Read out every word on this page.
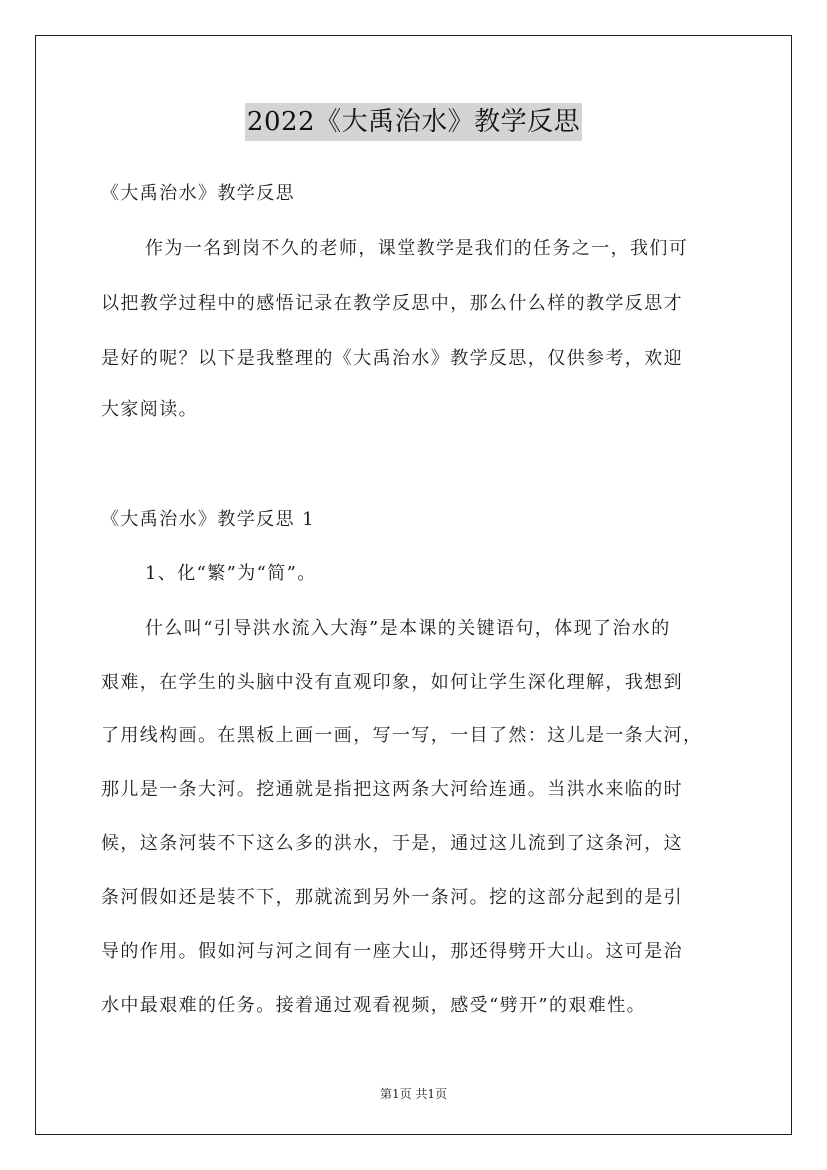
2022《大禹治水》教学反思
《大禹治水》教学反思
作为一名到岗不久的老师，课堂教学是我们的任务之一，我们可
以把教学过程中的感悟记录在教学反思中，那么什么样的教学反思才
是好的呢？以下是我整理的《大禹治水》教学反思，仅供参考，欢迎
大家阅读。
《大禹治水》教学反思 1
1、化“繁”为“简”。
什么叫“引导洪水流入大海”是本课的关键语句，体现了治水的
艰难，在学生的头脑中没有直观印象，如何让学生深化理解，我想到
了用线构画。在黑板上画一画，写一写，一目了然：这儿是一条大河，
那儿是一条大河。挖通就是指把这两条大河给连通。当洪水来临的时
候，这条河装不下这么多的洪水，于是，通过这儿流到了这条河，这
条河假如还是装不下，那就流到另外一条河。挖的这部分起到的是引
导的作用。假如河与河之间有一座大山，那还得劈开大山。这可是治
水中最艰难的任务。接着通过观看视频，感受“劈开”的艰难性。
第1页 共1页
